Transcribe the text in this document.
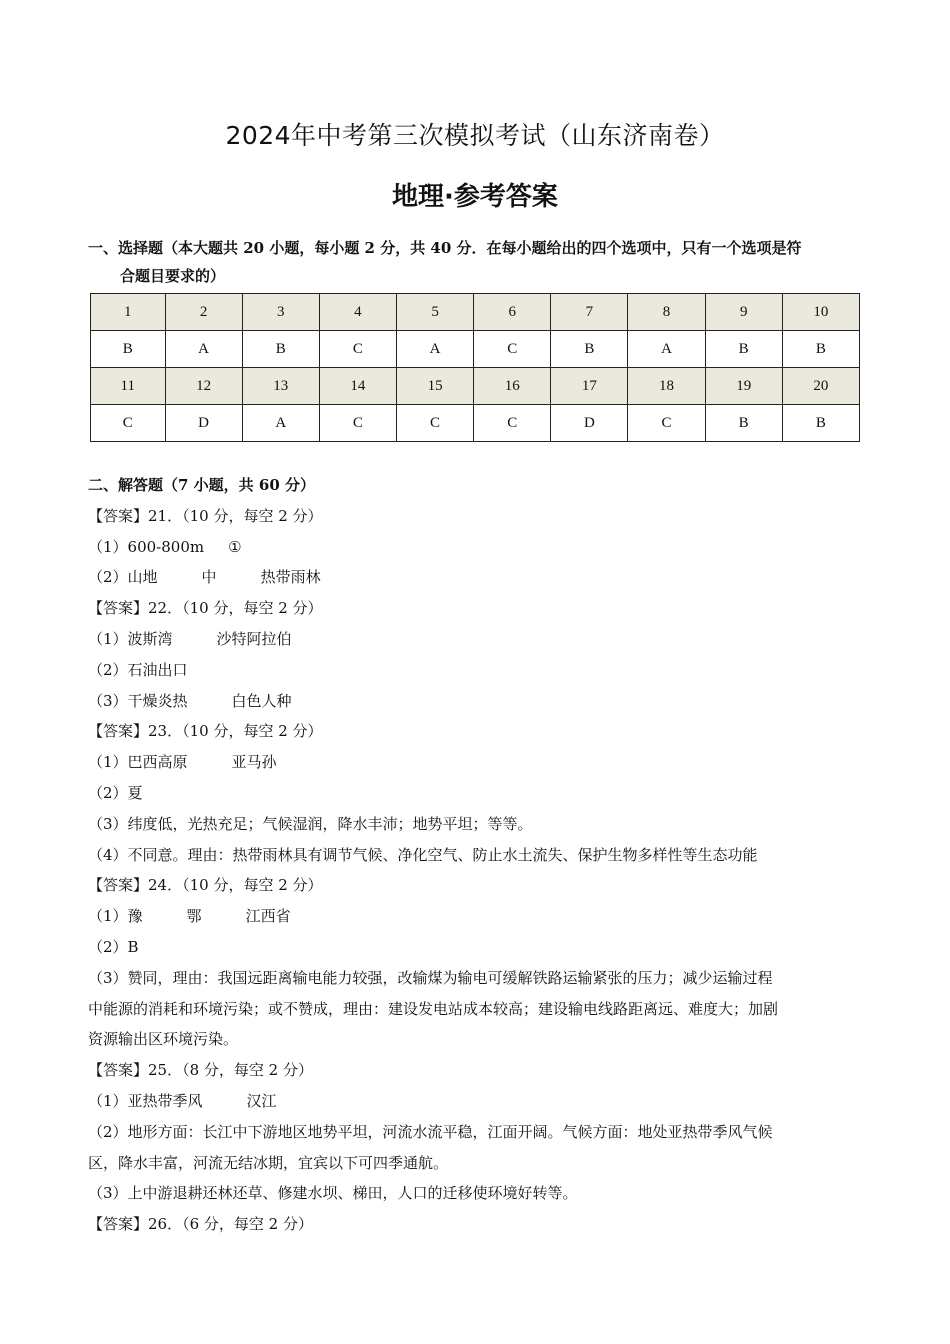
2024年中考第三次模拟考试（山东济南卷）
地理·参考答案
一、选择题（本大题共 20 小题，每小题 2 分，共 40 分．在每小题给出的四个选项中，只有一个选项是符
合题目要求的）
1	2	3	4	5	6	7	8	9	10
B	A	B	C	A	C	B	A	B	B
11	12	13	14	15	16	17	18	19	20
C	D	A	C	C	C	D	C	B	B
二、解答题（7 小题，共 60 分）
【答案】21．（10 分，每空 2 分）
（1）600-800m ①
（2）山地	中	热带雨林
【答案】22．（10 分，每空 2 分）
（1）波斯湾	沙特阿拉伯
（2）石油出口
（3）干燥炎热	白色人种
【答案】23．（10 分，每空 2 分）
（1）巴西高原	亚马孙
（2）夏
（3）纬度低，光热充足；气候湿润，降水丰沛；地势平坦；等等。
（4）不同意。理由：热带雨林具有调节气候、净化空气、防止水土流失、保护生物多样性等生态功能
【答案】24．（10 分，每空 2 分）
（1）豫	鄂	江西省
（2）B
（3）赞同，理由：我国远距离输电能力较强，改输煤为输电可缓解铁路运输紧张的压力；减少运输过程
中能源的消耗和环境污染；或不赞成，理由：建设发电站成本较高；建设输电线路距离远、难度大；加剧
资源输出区环境污染。
【答案】25．（8 分，每空 2 分）
（1）亚热带季风	汉江
（2）地形方面：长江中下游地区地势平坦，河流水流平稳，江面开阔。气候方面：地处亚热带季风气候
区，降水丰富，河流无结冰期，宜宾以下可四季通航。
（3）上中游退耕还林还草、修建水坝、梯田，人口的迁移使环境好转等。
【答案】26．（6 分，每空 2 分）
